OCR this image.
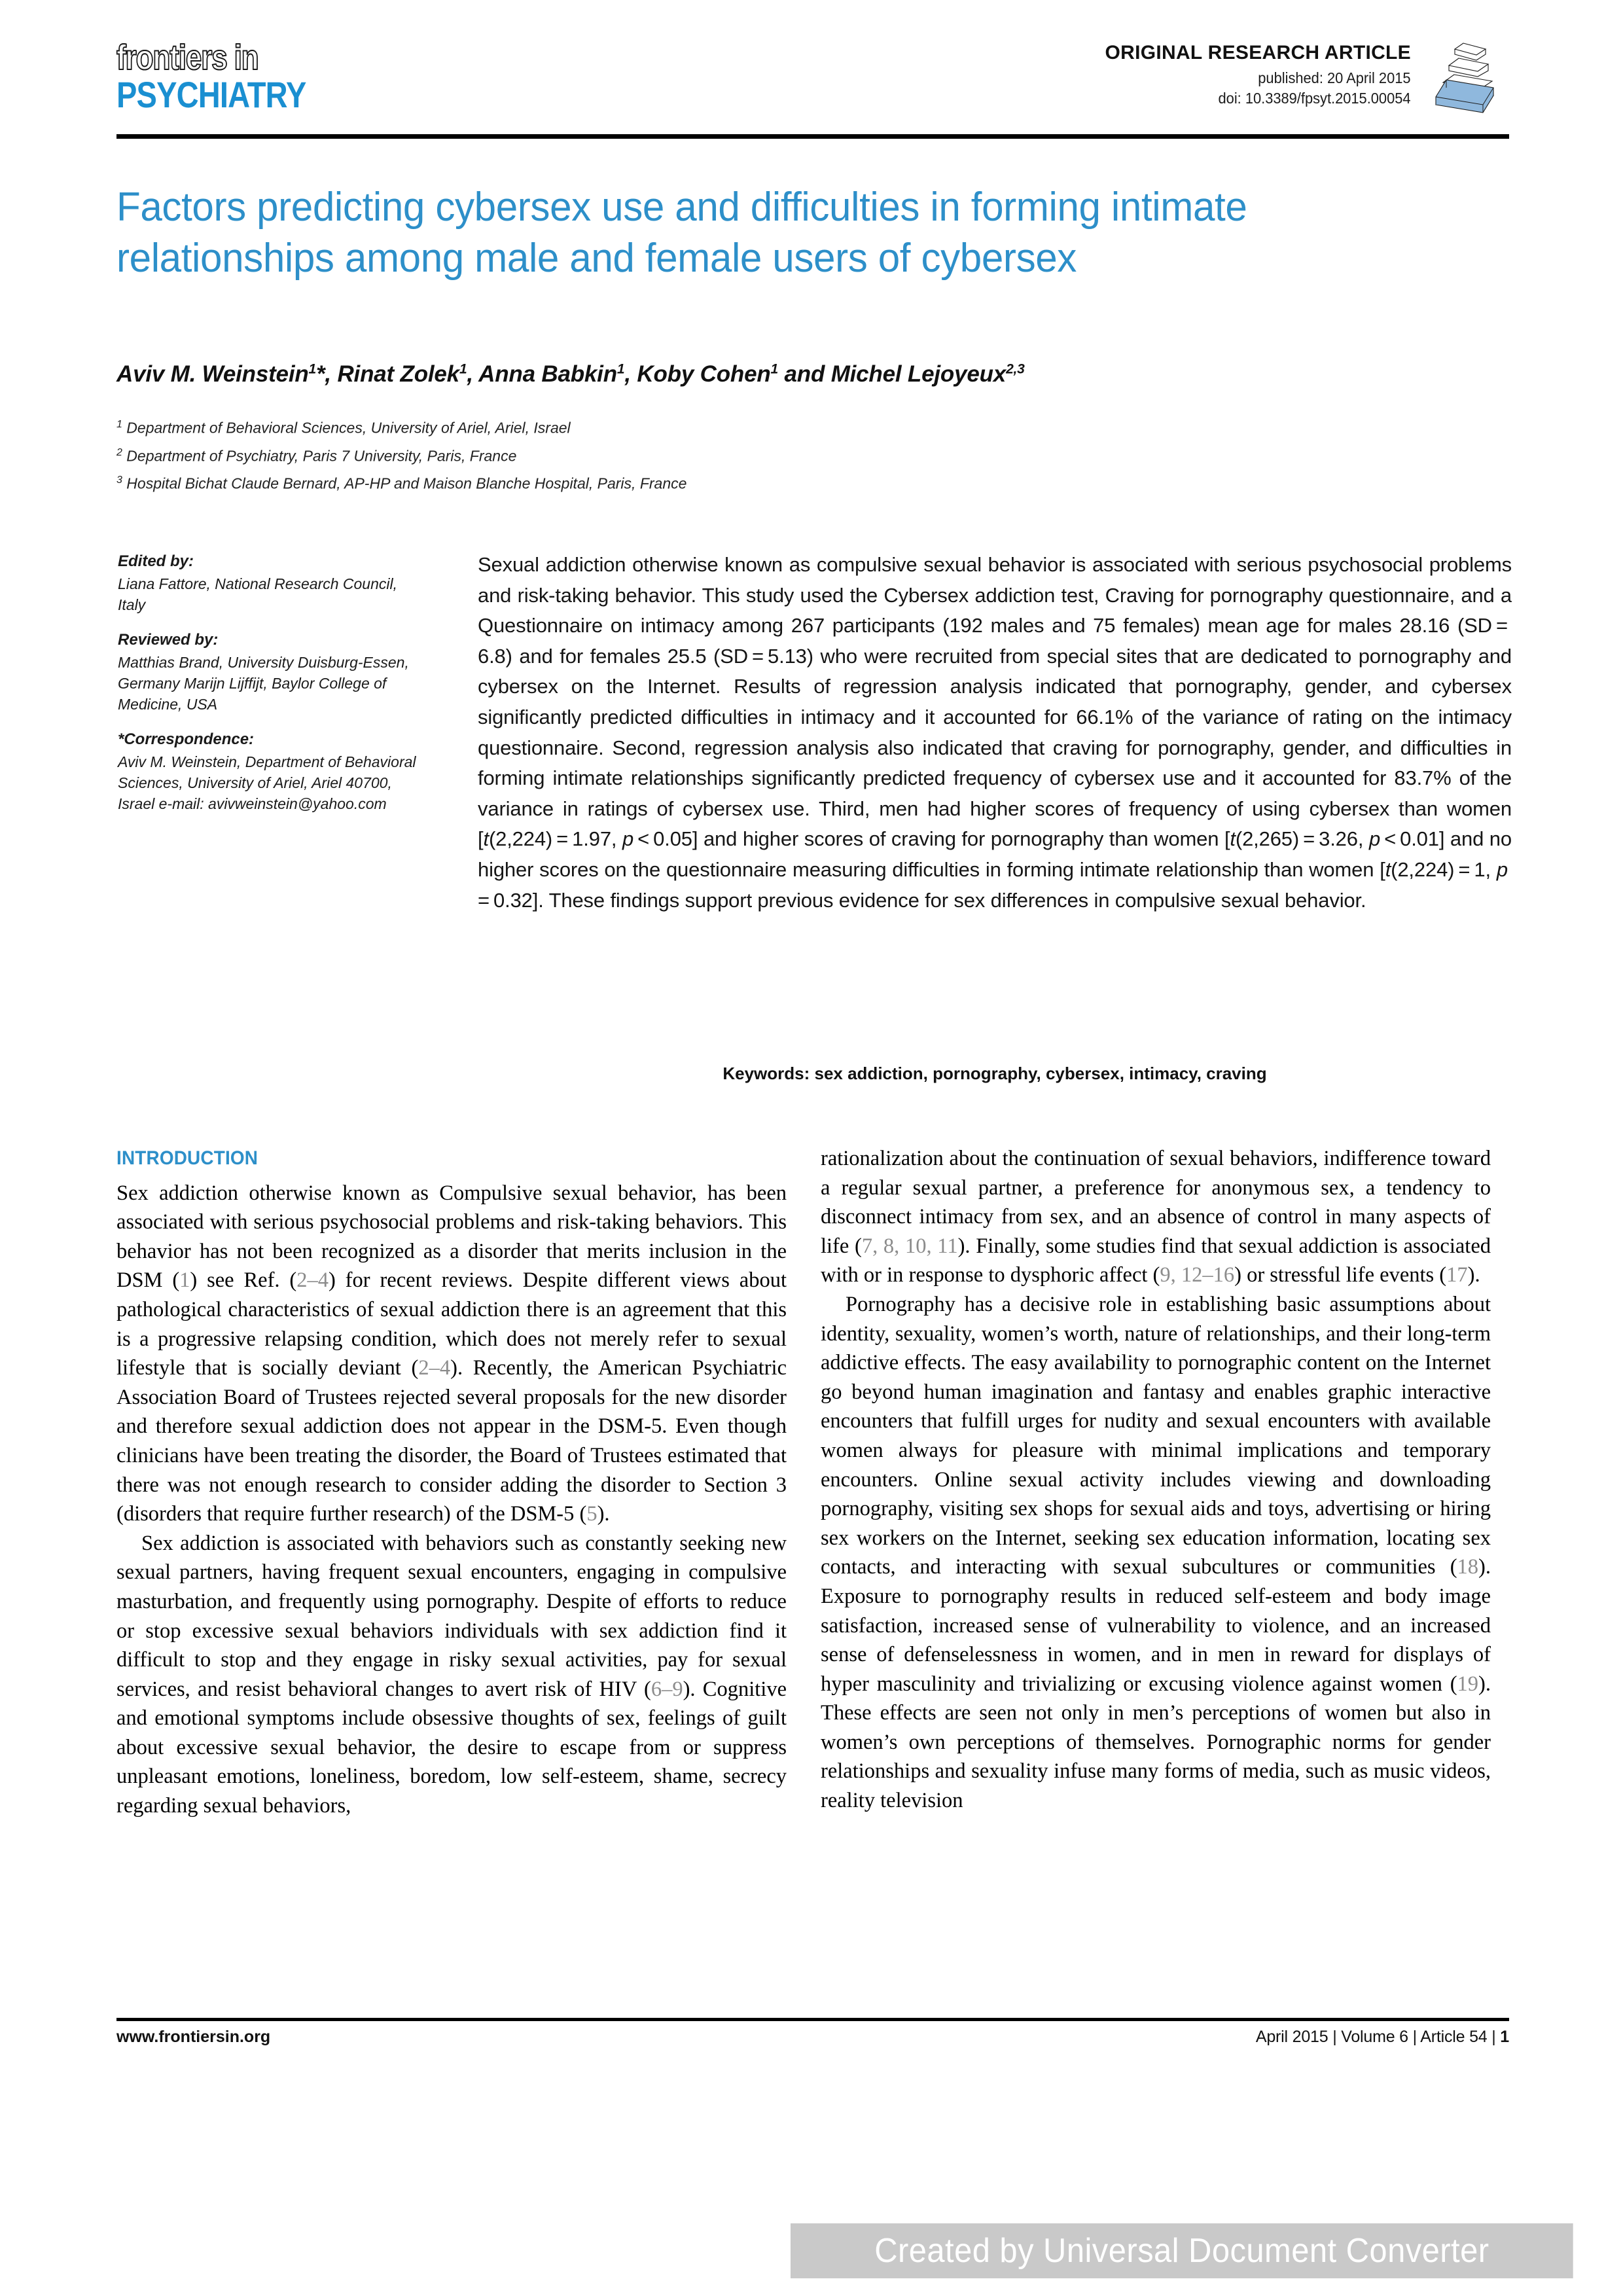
frontiers in
PSYCHIATRY
ORIGINAL RESEARCH ARTICLE
published: 20 April 2015
doi: 10.3389/fpsyt.2015.00054
Factors predicting cybersex use and difficulties in forming intimate relationships among male and female users of cybersex
Aviv M. Weinstein$^1$*, Rinat Zolek$^1$, Anna Babkin$^1$, Koby Cohen$^1$ and Michel Lejoyeux$^{2,3}$
$^1$ Department of Behavioral Sciences, University of Ariel, Ariel, Israel
$^2$ Department of Psychiatry, Paris 7 University, Paris, France
$^3$ Hospital Bichat Claude Bernard, AP-HP and Maison Blanche Hospital, Paris, France
Edited by:
Liana Fattore, National Research Council, Italy
Reviewed by:
Matthias Brand, University Duisburg-Essen, Germany Marijn Lijffijt, Baylor College of Medicine, USA
*Correspondence:
Aviv M. Weinstein, Department of Behavioral Sciences, University of Ariel, Ariel 40700, Israel e-mail: avivweinstein@yahoo.com
Sexual addiction otherwise known as compulsive sexual behavior is associated with serious psychosocial problems and risk-taking behavior. This study used the Cybersex addiction test, Craving for pornography questionnaire, and a Questionnaire on intimacy among 267 participants (192 males and 75 females) mean age for males 28.16 (SD = 6.8) and for females 25.5 (SD = 5.13) who were recruited from special sites that are dedicated to pornography and cybersex on the Internet. Results of regression analysis indicated that pornography, gender, and cybersex significantly predicted difficulties in intimacy and it accounted for 66.1% of the variance of rating on the intimacy questionnaire. Second, regression analysis also indicated that craving for pornography, gender, and difficulties in forming intimate relationships significantly predicted frequency of cybersex use and it accounted for 83.7% of the variance in ratings of cybersex use. Third, men had higher scores of frequency of using cybersex than women [t(2,224) = 1.97, p < 0.05] and higher scores of craving for pornography than women [t(2,265) = 3.26, p < 0.01] and no higher scores on the questionnaire measuring difficulties in forming intimate relationship than women [t(2,224) = 1, p = 0.32]. These findings support previous evidence for sex differences in compulsive sexual behavior.
Keywords: sex addiction, pornography, cybersex, intimacy, craving
INTRODUCTION

Sex addiction otherwise known as Compulsive sexual behavior, has been associated with serious psychosocial problems and risk-taking behaviors. This behavior has not been recognized as a disorder that merits inclusion in the DSM (1) see Ref. (2–4) for recent reviews. Despite different views about pathological characteristics of sexual addiction there is an agreement that this is a progressive relapsing condition, which does not merely refer to sexual lifestyle that is socially deviant (2–4). Recently, the American Psychiatric Association Board of Trustees rejected several proposals for the new disorder and therefore sexual addiction does not appear in the DSM-5. Even though clinicians have been treating the disorder, the Board of Trustees estimated that there was not enough research to consider adding the disorder to Section 3 (disorders that require further research) of the DSM-5 (5).

Sex addiction is associated with behaviors such as constantly seeking new sexual partners, having frequent sexual encounters, engaging in compulsive masturbation, and frequently using pornography. Despite of efforts to reduce or stop excessive sexual behaviors individuals with sex addiction find it difficult to stop and they engage in risky sexual activities, pay for sexual services, and resist behavioral changes to avert risk of HIV (6–9). Cognitive and emotional symptoms include obsessive thoughts of sex, feelings of guilt about excessive sexual behavior, the desire to escape from or suppress unpleasant emotions, loneliness, boredom, low self-esteem, shame, secrecy regarding sexual behaviors,

rationalization about the continuation of sexual behaviors, indifference toward a regular sexual partner, a preference for anonymous sex, a tendency to disconnect intimacy from sex, and an absence of control in many aspects of life (7, 8, 10, 11). Finally, some studies find that sexual addiction is associated with or in response to dysphoric affect (9, 12–16) or stressful life events (17).

Pornography has a decisive role in establishing basic assumptions about identity, sexuality, women’s worth, nature of relationships, and their long-term addictive effects. The easy availability to pornographic content on the Internet go beyond human imagination and fantasy and enables graphic interactive encounters that fulfill urges for nudity and sexual encounters with available women always for pleasure with minimal implications and temporary encounters. Online sexual activity includes viewing and downloading pornography, visiting sex shops for sexual aids and toys, advertising or hiring sex workers on the Internet, seeking sex education information, locating sex contacts, and interacting with sexual subcultures or communities (18). Exposure to pornography results in reduced self-esteem and body image satisfaction, increased sense of vulnerability to violence, and an increased sense of defenselessness in women, and in men in reward for displays of hyper masculinity and trivializing or excusing violence against women (19). These effects are seen not only in men’s perceptions of women but also in women’s own perceptions of themselves. Pornographic norms for gender relationships and sexuality infuse many forms of media, such as music videos, reality television

www.frontiersin.org	April 2015 | Volume 6 | Article 54 | 1
Created by Universal Document Converter
